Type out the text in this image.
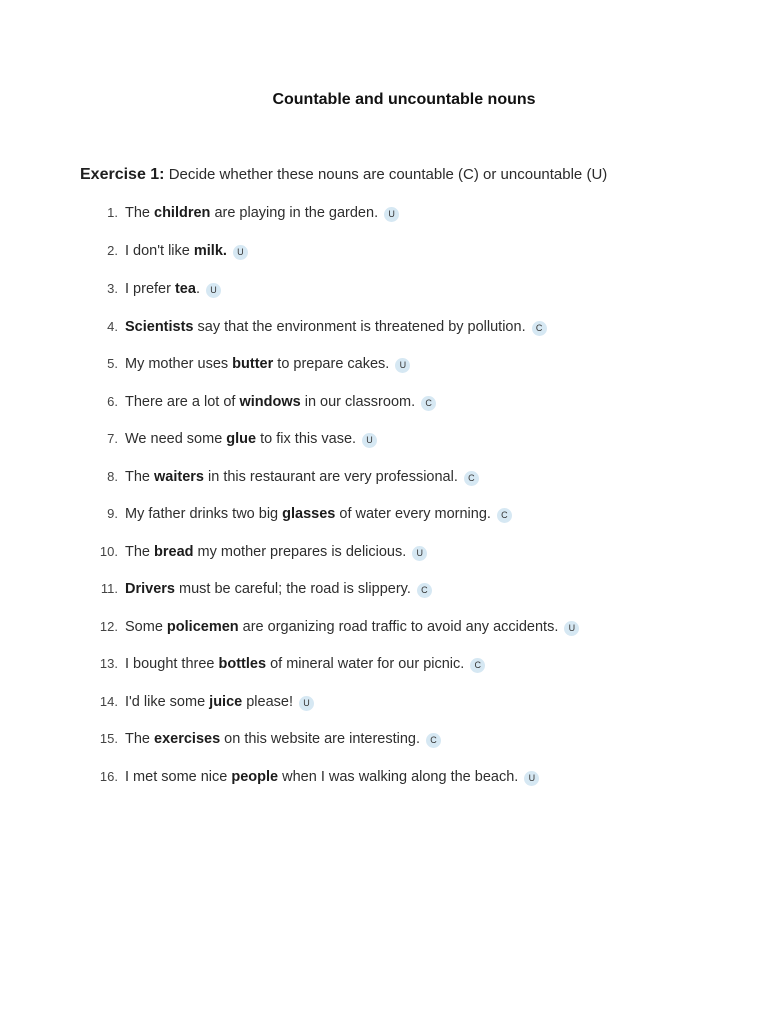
Countable and uncountable nouns
Exercise 1: Decide whether these nouns are countable (C) or uncountable (U)
1. The children are playing in the garden. U
2. I don't like milk. U
3. I prefer tea. U
4. Scientists say that the environment is threatened by pollution. C
5. My mother uses butter to prepare cakes. U
6. There are a lot of windows in our classroom. C
7. We need some glue to fix this vase. U
8. The waiters in this restaurant are very professional. C
9. My father drinks two big glasses of water every morning. C
10. The bread my mother prepares is delicious. U
11. Drivers must be careful; the road is slippery. C
12. Some policemen are organizing road traffic to avoid any accidents. U
13. I bought three bottles of mineral water for our picnic. C
14. I'd like some juice please! U
15. The exercises on this website are interesting. C
16. I met some nice people when I was walking along the beach. U
